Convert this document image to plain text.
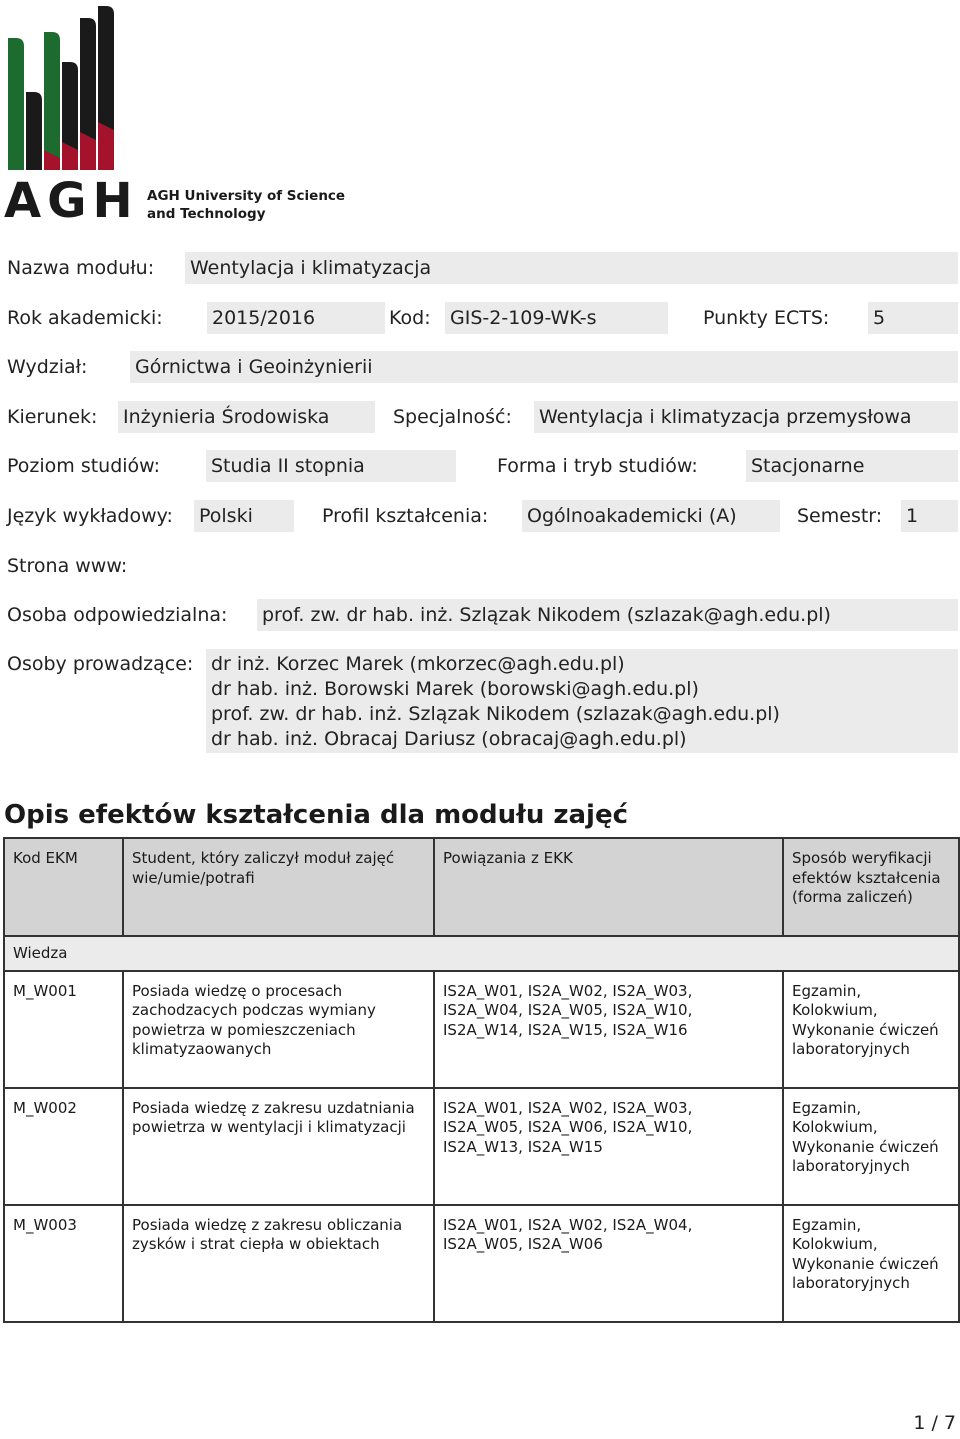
AGH AGH University of Science
and Technology
Nazwa modułu: Wentylacja i klimatyzacja
Rok akademicki:	2015/2016	Kod: GIS-2-109-WK-s	Punkty ECTS: 5
Wydział:	Górnictwa i Geoinżynierii
Kierunek: Inżynieria Środowiska	Specjalność: Wentylacja i klimatyzacja przemysłowa
Poziom studiów:	Studia II stopnia	Forma i tryb studiów:	Stacjonarne
Język wykładowy: Polski	Profil kształcenia: Ogólnoakademicki (A)	Semestr: 1
Strona www:
Osoba odpowiedzialna: prof. zw. dr hab. inż. Szlązak Nikodem (szlazak@agh.edu.pl)
Osoby prowadzące: dr inż. Korzec Marek (mkorzec@agh.edu.pl)
dr hab. inż. Borowski Marek (borowski@agh.edu.pl)
prof. zw. dr hab. inż. Szlązak Nikodem (szlazak@agh.edu.pl)
dr hab. inż. Obracaj Dariusz (obracaj@agh.edu.pl)
Opis efektów kształcenia dla modułu zajęć
Kod EKM	Student, który zaliczył moduł zajęć wie/umie/potrafi	Powiązania z EKK	Sposób weryfikacji efektów kształcenia (forma zaliczeń)
Wiedza			
M_W001	Posiada wiedzę o procesach zachodzacych podczas wymiany powietrza w pomieszczeniach klimatyzaowanych	IS2A_W01, IS2A_W02, IS2A_W03, IS2A_W04, IS2A_W05, IS2A_W10, IS2A_W14, IS2A_W15, IS2A_W16	Egzamin, Kolokwium, Wykonanie ćwiczeń laboratoryjnych
M_W002	Posiada wiedzę z zakresu uzdatniania powietrza w wentylacji i klimatyzacji	IS2A_W01, IS2A_W02, IS2A_W03, IS2A_W05, IS2A_W06, IS2A_W10, IS2A_W13, IS2A_W15	Egzamin, Kolokwium, Wykonanie ćwiczeń laboratoryjnych
M_W003	Posiada wiedzę z zakresu obliczania zysków i strat ciepła w obiektach	IS2A_W01, IS2A_W02, IS2A_W04, IS2A_W05, IS2A_W06	Egzamin, Kolokwium, Wykonanie ćwiczeń laboratoryjnych
1 / 7
